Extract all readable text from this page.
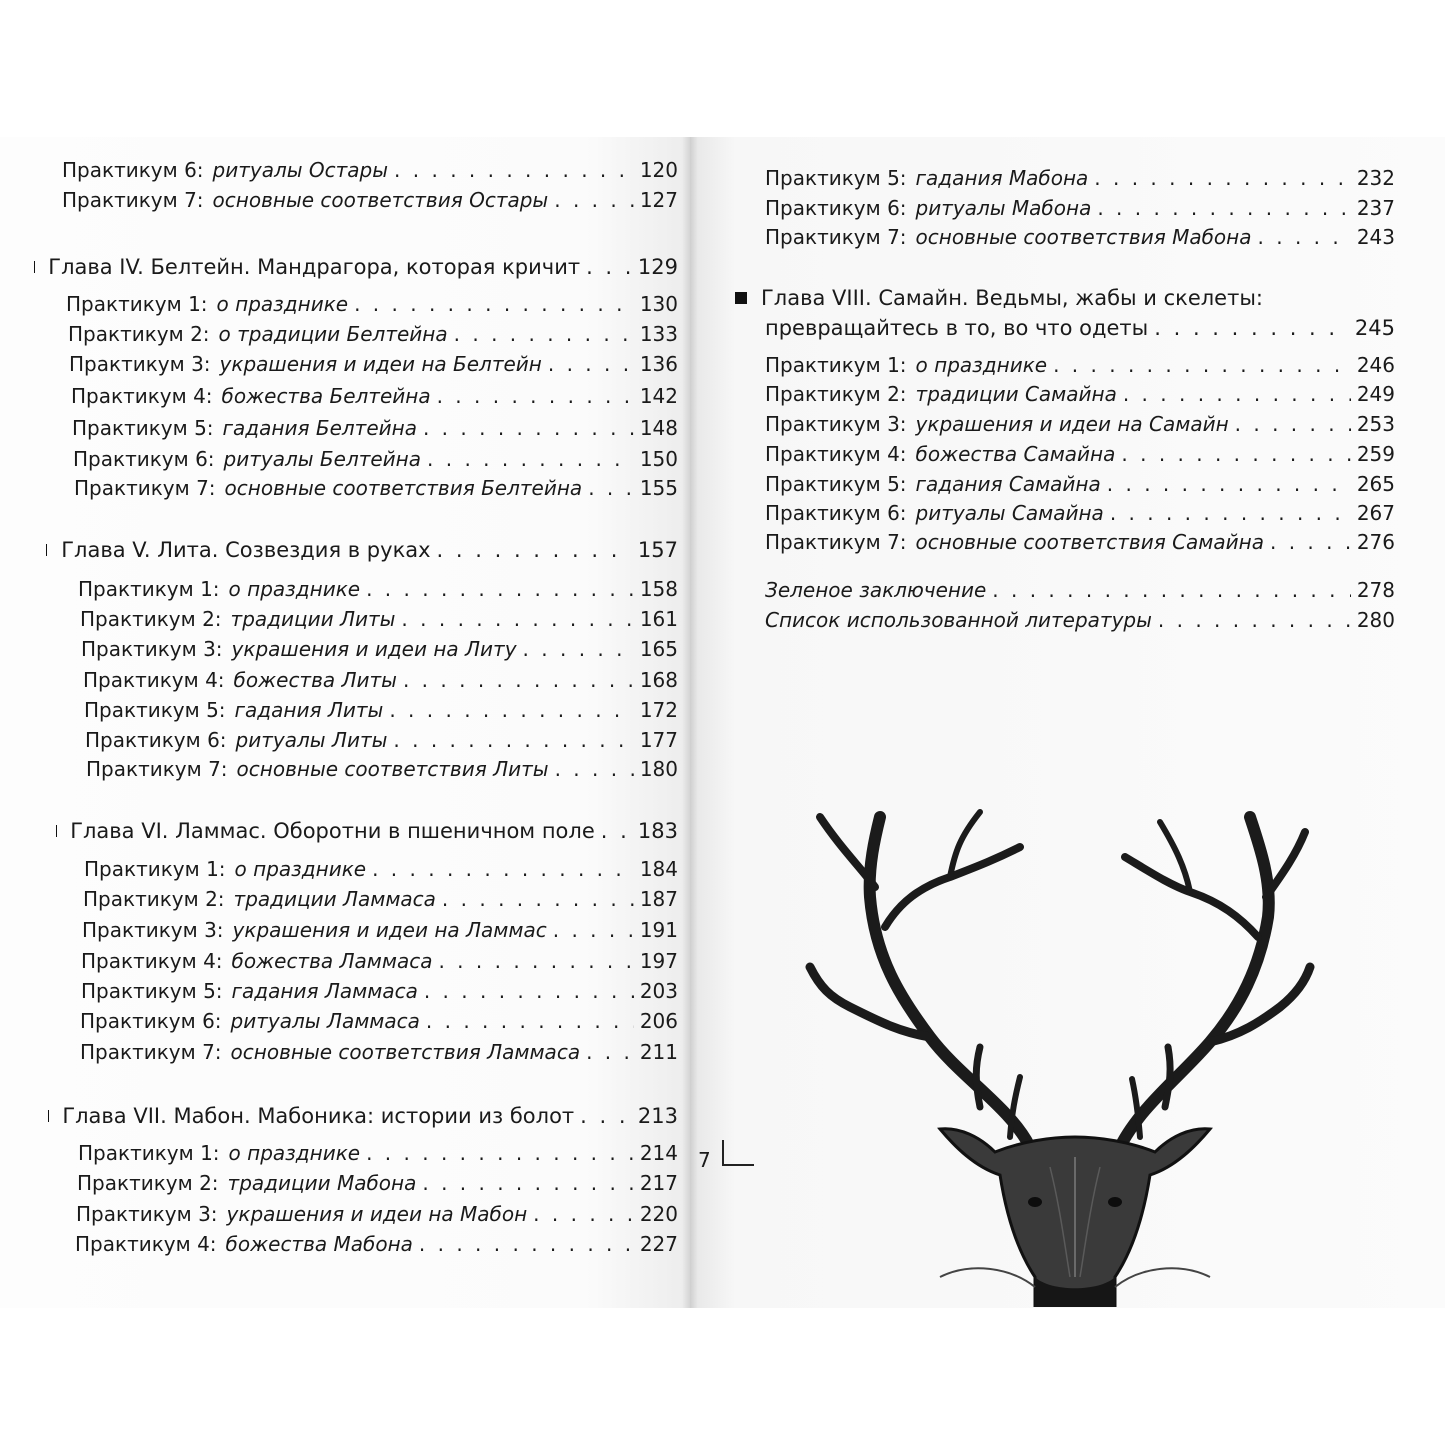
Практикум 6: ритуалы Остары . . .	120
Практикум 7: основные соответствия Остары . . .	127
Глава IV. Белтейн. Мандрагора, которая кричит . . .	129
Практикум 1: о празднике . . .	130
Практикум 2: о традиции Белтейна . . .	133
Практикум 3: украшения и идеи на Белтейн . . .	136
Практикум 4: божества Белтейна . . .	142
Практикум 5: гадания Белтейна . . .	148
Практикум 6: ритуалы Белтейна . . .	150
Практикум 7: основные соответствия Белтейна . . .	155
Глава V. Лита. Созвездия в руках . . .	157
Практикум 1: о празднике . . .	158
Практикум 2: традиции Литы . . .	161
Практикум 3: украшения и идеи на Литу . . .	165
Практикум 4: божества Литы . . .	168
Практикум 5: гадания Литы . . .	172
Практикум 6: ритуалы Литы . . .	177
Практикум 7: основные соответствия Литы . . .	180
Глава VI. Ламмас. Оборотни в пшеничном поле . . . 183
Практикум 1: о празднике . . .	184
Практикум 2: традиции Ламмаса . . .	187
Практикум 3: украшения и идеи на Ламмас . . .	191
Практикум 4: божества Ламмаса . . .	197
Практикум 5: гадания Ламмаса . . .	203
Практикум 6: ритуалы Ламмаса . . .	206
Практикум 7: основные соответствия Ламмаса . . .	211
Глава VII. Мабон. Мабоника: истории из болот . . .	213
Практикум 1: о празднике . . .	214
Практикум 2: традиции Мабона . . .	217
Практикум 3: украшения и идеи на Мабон . . .	220
Практикум 4: божества Мабона . . .	227
Практикум 5: гадания Мабона . . .	232
Практикум 6: ритуалы Мабона . . .	237
Практикум 7: основные соответствия Мабона . . .	243
Глава VIII. Самайн. Ведьмы, жабы и скелеты:
превращайтесь в то, во что одеты . . .	245
Практикум 1: о празднике . . .	246
Практикум 2: традиции Самайна . . .	249
Практикум 3: украшения и идеи на Самайн . . .	253
Практикум 4: божества Самайна . . .	259
Практикум 5: гадания Самайна . . .	265
Практикум 6: ритуалы Самайна . . .	267
Практикум 7: основные соответствия Самайна . . .	276
Зеленое заключение . . .	278
Список использованной литературы . . .	280
7
